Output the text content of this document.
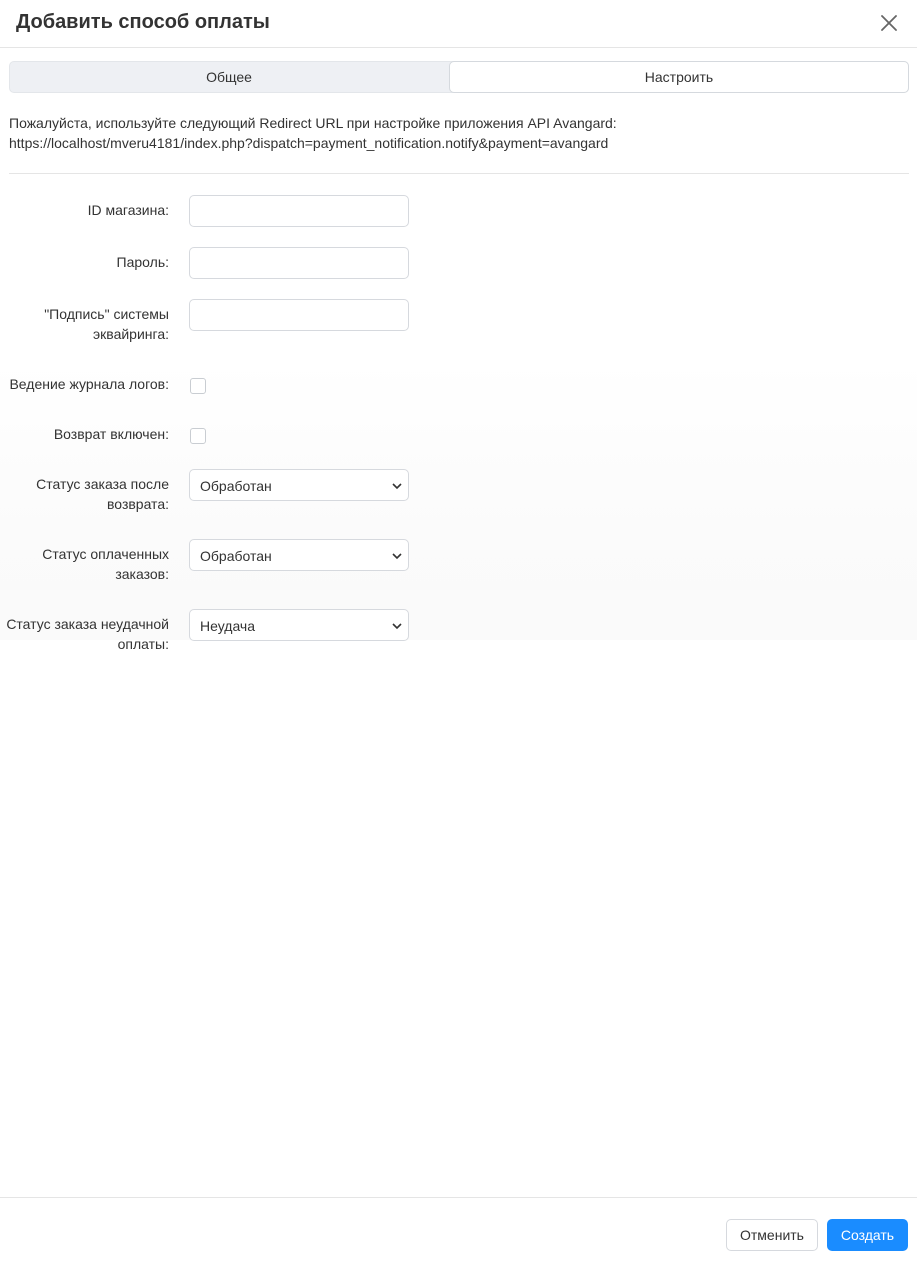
Добавить способ оплаты
Общее	Настроить
Пожалуйста, используйте следующий Redirect URL при настройке приложения API Avangard:
https://localhost/mveru4181/index.php?dispatch=payment_notification.notify&payment=avangard
ID магазина:
Пароль:
"Подпись" системы эквайринга:
Ведение журнала логов:
Возврат включен:
Статус заказа после возврата:
Обработан
Статус оплаченных заказов:
Обработан
Статус заказа неудачной оплаты:
Неудача
Отменить	Создать
